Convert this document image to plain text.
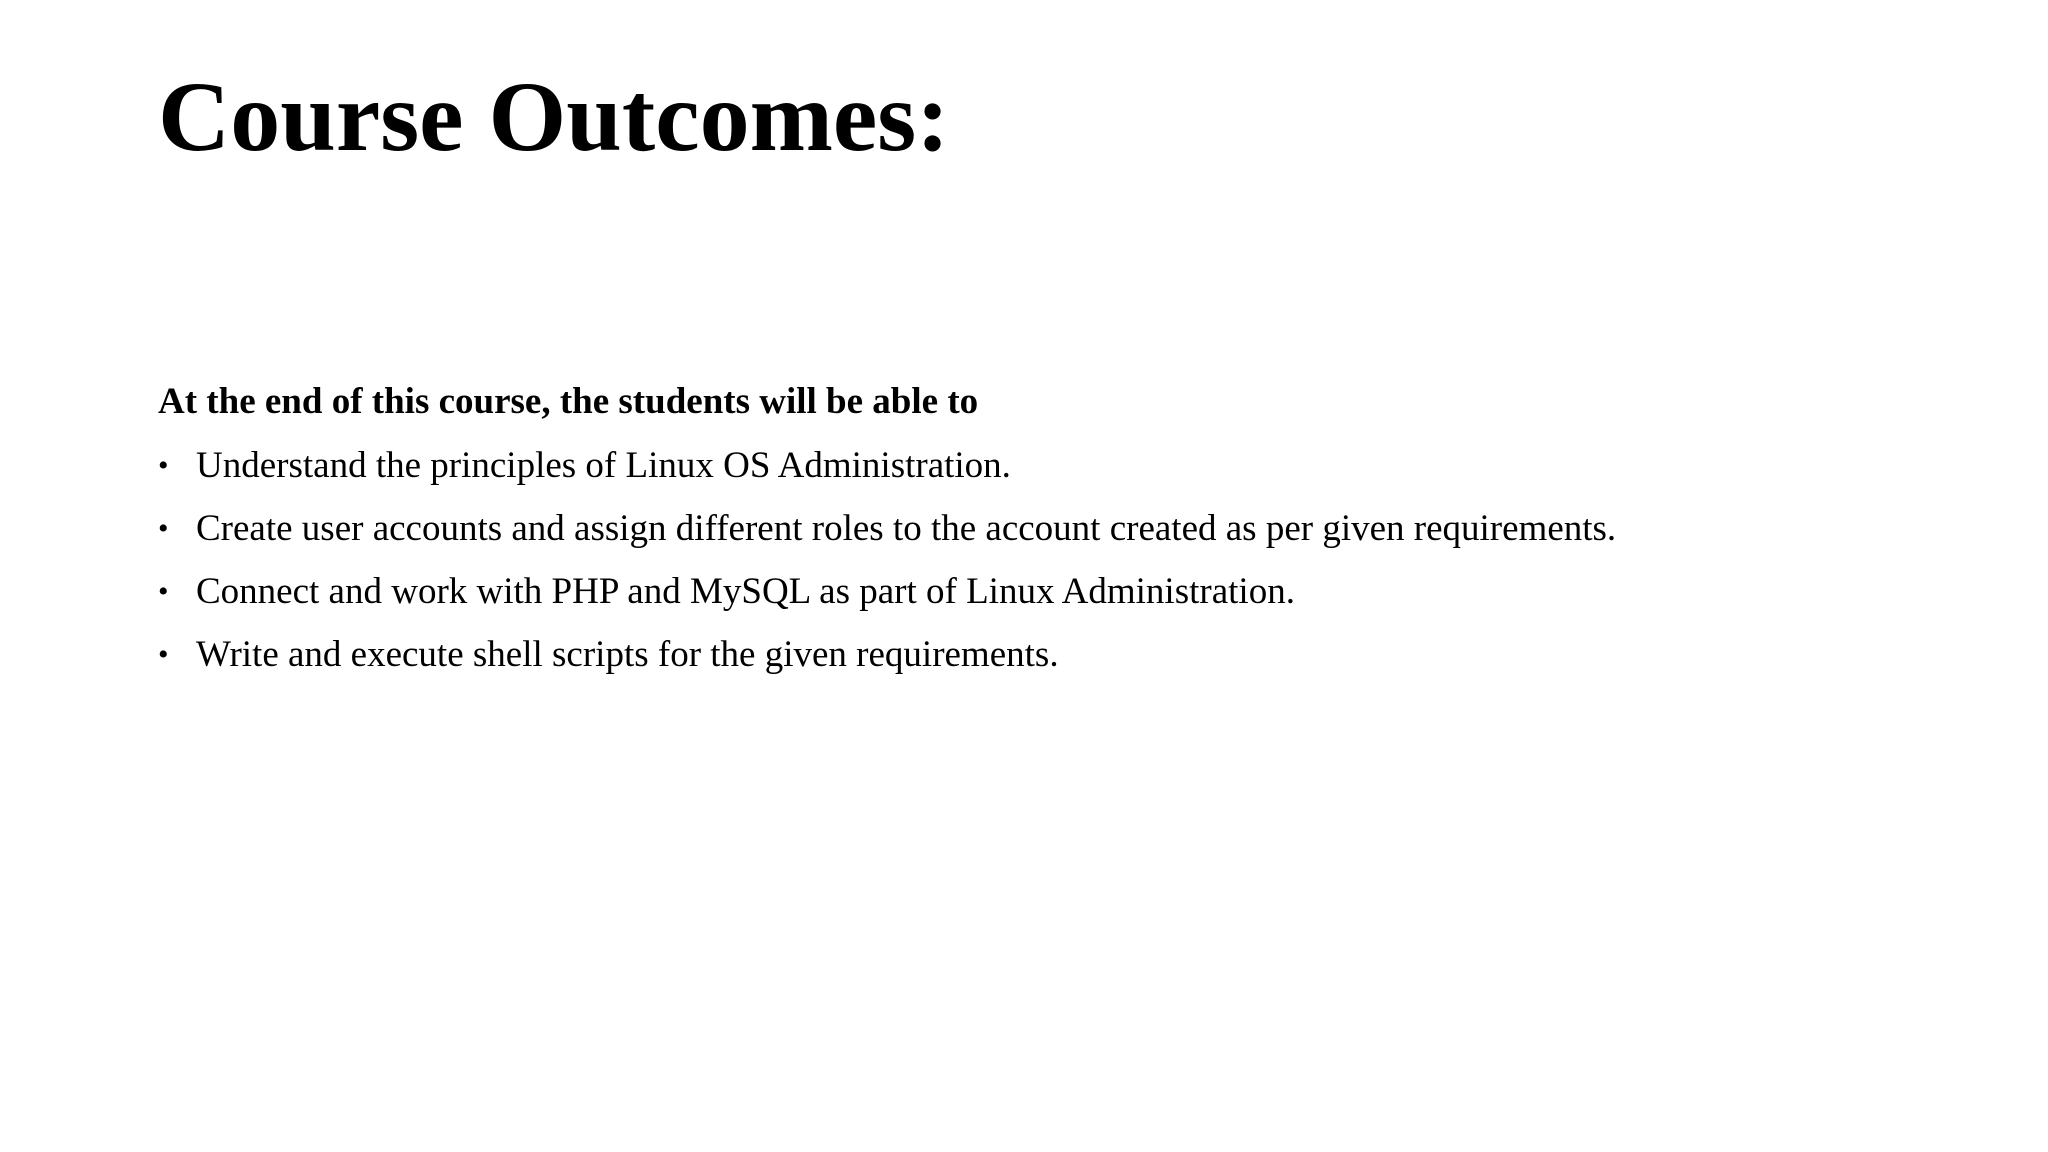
Course Outcomes:

At the end of this course, the students will be able to

• Understand the principles of Linux OS Administration.
• Create user accounts and assign different roles to the account created as per given requirements.
• Connect and work with PHP and MySQL as part of Linux Administration.
• Write and execute shell scripts for the given requirements.
